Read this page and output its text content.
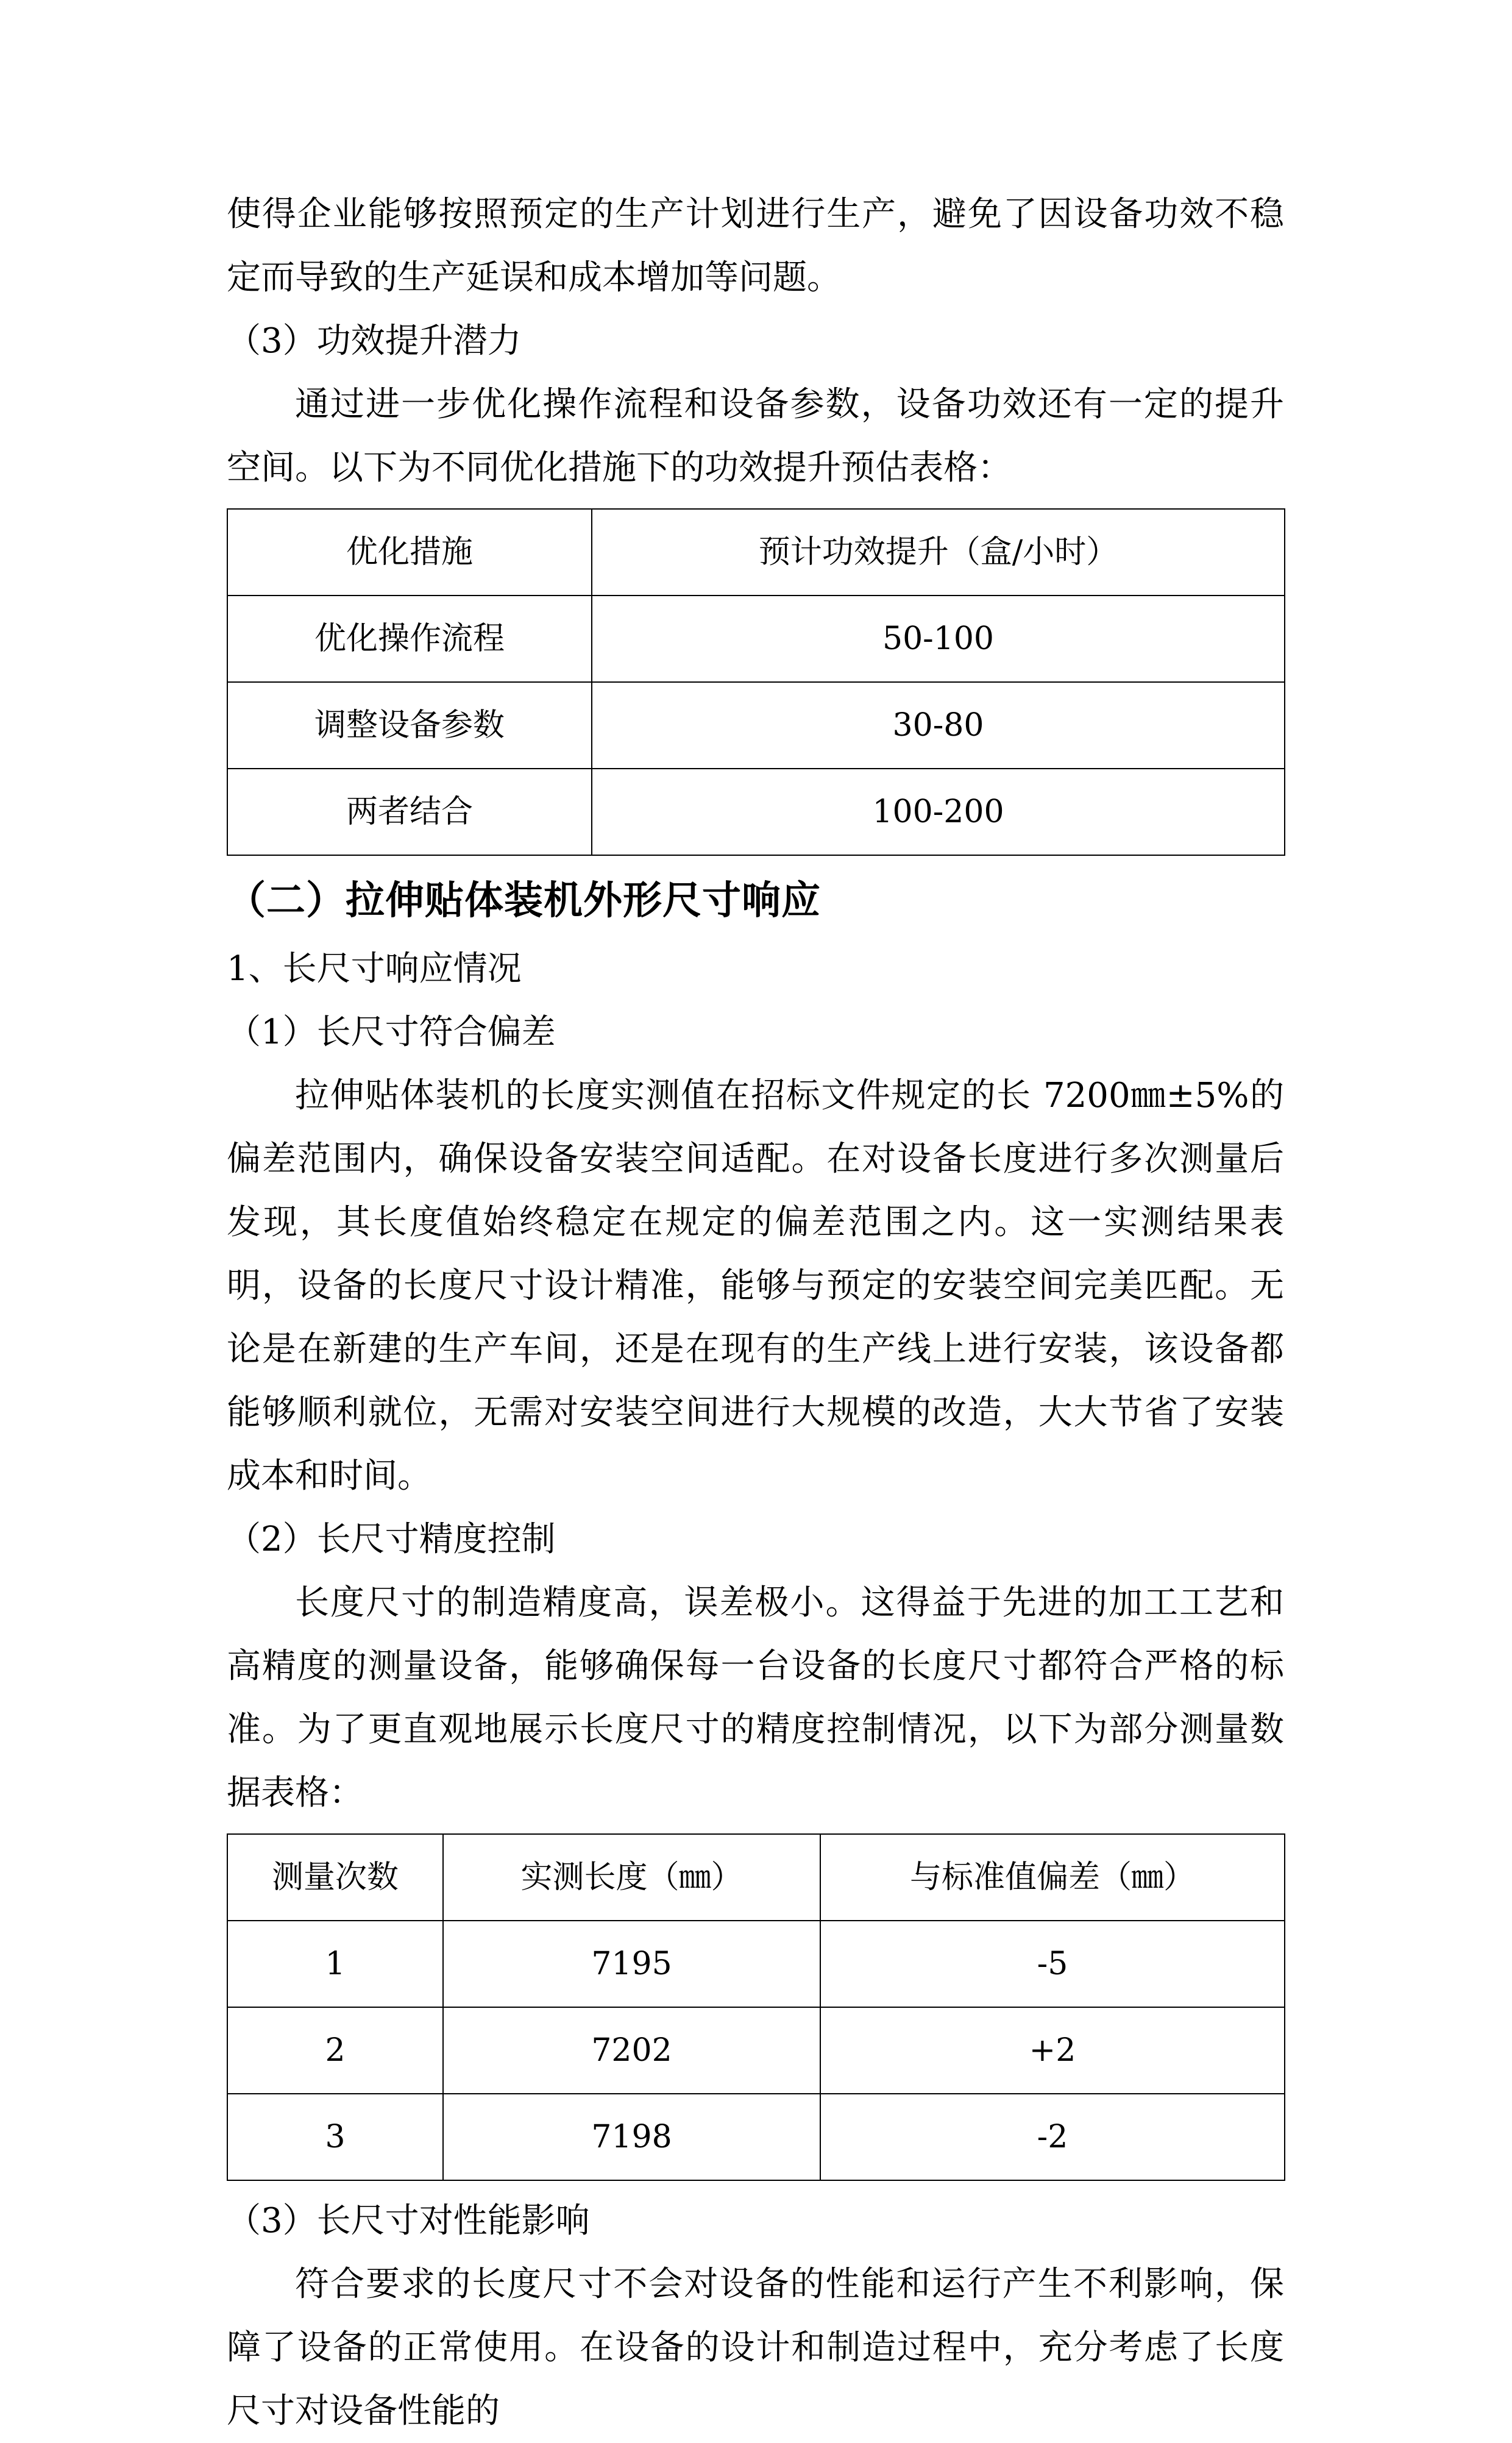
使得企业能够按照预定的生产计划进行生产，避免了因设备功效不稳定而导致的生产延误和成本增加等问题。

（3）功效提升潜力

通过进一步优化操作流程和设备参数，设备功效还有一定的提升空间。以下为不同优化措施下的功效提升预估表格：

优化措施	预计功效提升（盒/小时）
优化操作流程	50-100
调整设备参数	30-80
两者结合	100-200
（二）拉伸贴体装机外形尺寸响应

1、长尺寸响应情况

（1）长尺寸符合偏差

拉伸贴体装机的长度实测值在招标文件规定的长 7200㎜±5%的偏差范围内，确保设备安装空间适配。在对设备长度进行多次测量后发现，其长度值始终稳定在规定的偏差范围之内。这一实测结果表明，设备的长度尺寸设计精准，能够与预定的安装空间完美匹配。无论是在新建的生产车间，还是在现有的生产线上进行安装，该设备都能够顺利就位，无需对安装空间进行大规模的改造，大大节省了安装成本和时间。

（2）长尺寸精度控制

长度尺寸的制造精度高，误差极小。这得益于先进的加工工艺和高精度的测量设备，能够确保每一台设备的长度尺寸都符合严格的标准。为了更直观地展示长度尺寸的精度控制情况，以下为部分测量数据表格：

测量次数	实测长度（㎜）	与标准值偏差（㎜）
1	7195	-5
2	7202	+2
3	7198	-2

（3）长尺寸对性能影响

符合要求的长度尺寸不会对设备的性能和运行产生不利影响，保障了设备的正常使用。在设备的设计和制造过程中，充分考虑了长度尺寸对设备性能的
